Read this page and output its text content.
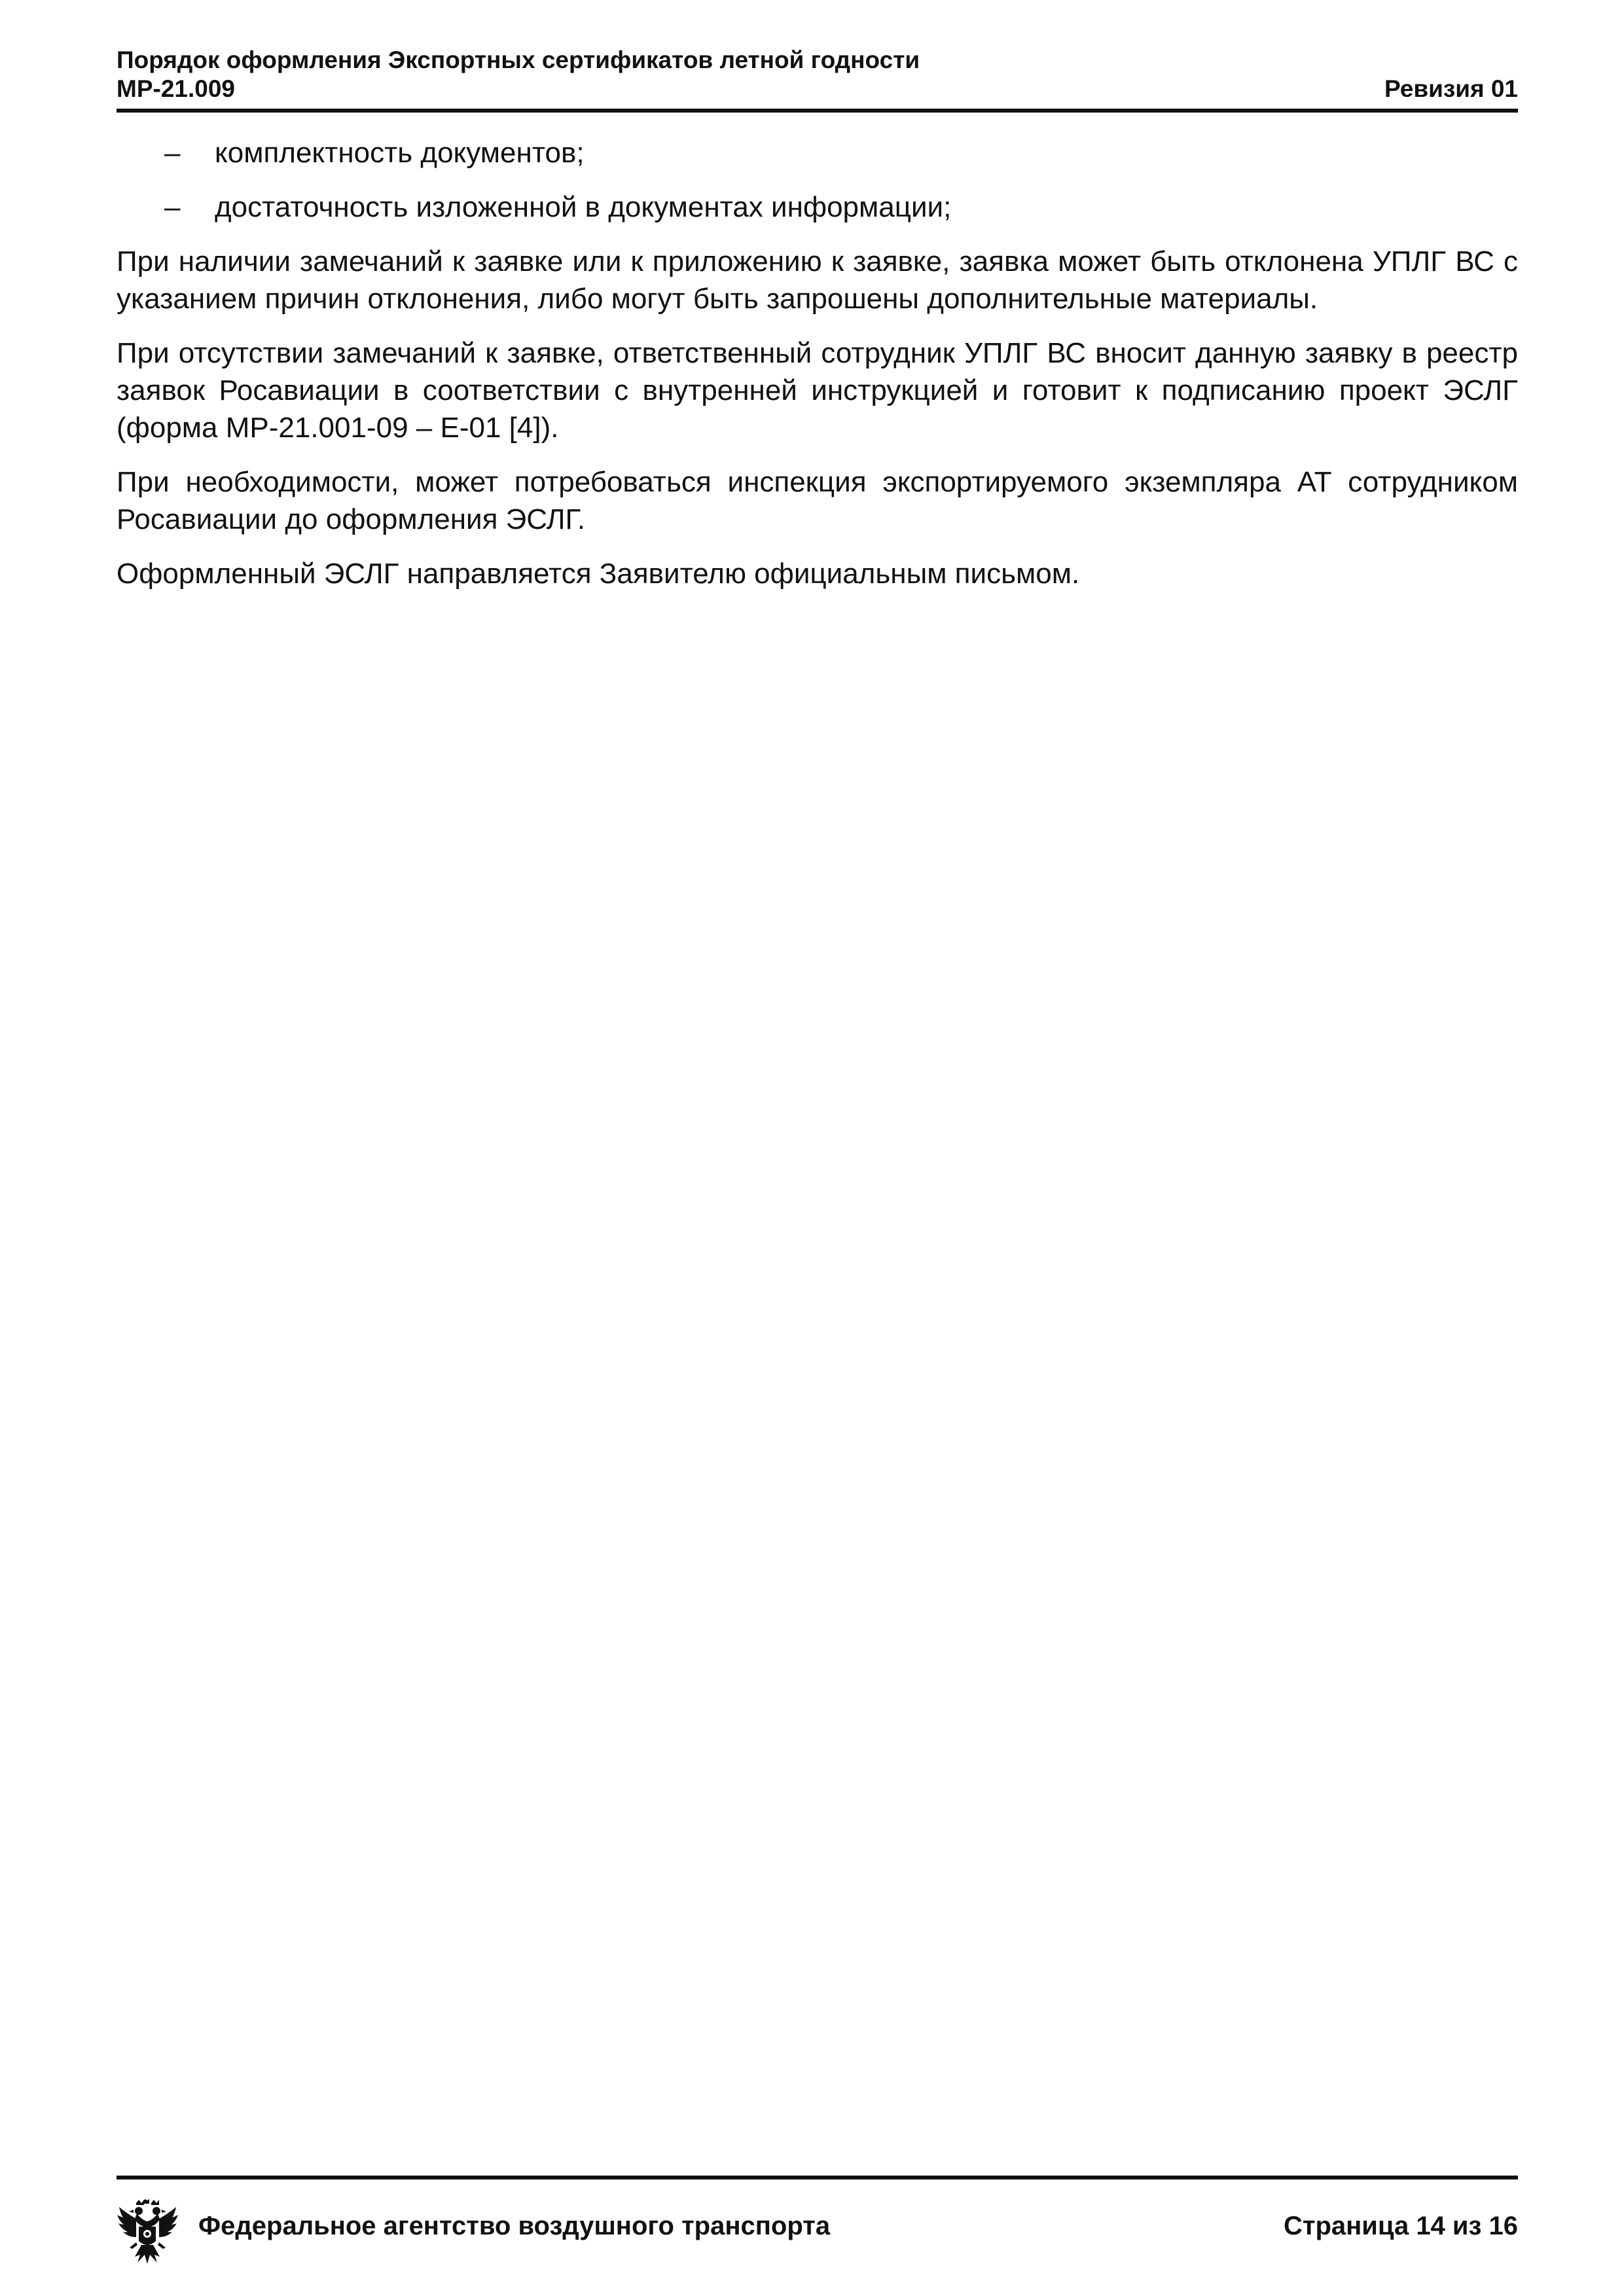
Порядок оформления Экспортных сертификатов летной годности
МР-21.009	Ревизия 01
– комплектность документов;
– достаточность изложенной в документах информации;

При наличии замечаний к заявке или к приложению к заявке, заявка может быть отклонена УПЛГ ВС с указанием причин отклонения, либо могут быть запрошены дополнительные материалы.

При отсутствии замечаний к заявке, ответственный сотрудник УПЛГ ВС вносит данную заявку в реестр заявок Росавиации в соответствии с внутренней инструкцией и готовит к подписанию проект ЭСЛГ (форма МР-21.001-09 – Е-01 [4]).

При необходимости, может потребоваться инспекция экспортируемого экземпляра АТ сотрудником Росавиации до оформления ЭСЛГ.

Оформленный ЭСЛГ направляется Заявителю официальным письмом.

Федеральное агентство воздушного транспорта	Страница 14 из 16
